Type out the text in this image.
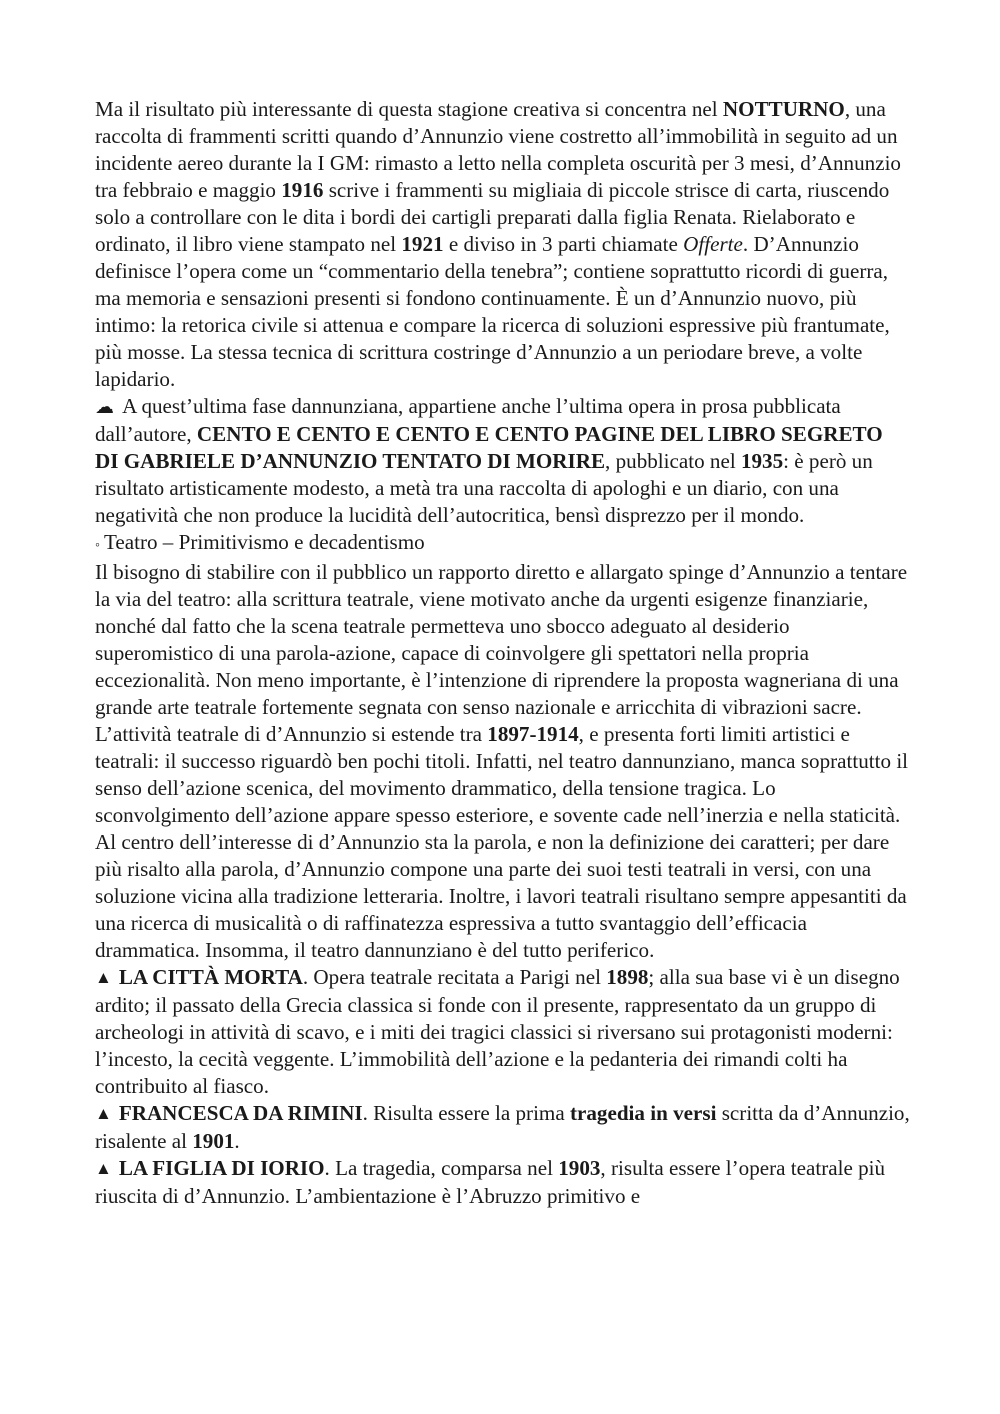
Ma il risultato più interessante di questa stagione creativa si concentra nel NOTTURNO, una raccolta di frammenti scritti quando d’Annunzio viene costretto all’immobilità in seguito ad un incidente aereo durante la I GM: rimasto a letto nella completa oscurità per 3 mesi, d’Annunzio tra febbraio e maggio 1916 scrive i frammenti su migliaia di piccole strisce di carta, riuscendo solo a controllare con le dita i bordi dei cartigli preparati dalla figlia Renata. Rielaborato e ordinato, il libro viene stampato nel 1921 e diviso in 3 parti chiamate Offerte. D’Annunzio definisce l’opera come un “commentario della tenebra”; contiene soprattutto ricordi di guerra, ma memoria e sensazioni presenti si fondono continuamente. È un d’Annunzio nuovo, più intimo: la retorica civile si attenua e compare la ricerca di soluzioni espressive più frantumate, più mosse. La stessa tecnica di scrittura costringe d’Annunzio a un periodare breve, a volte lapidario.

☁ A quest’ultima fase dannunziana, appartiene anche l’ultima opera in prosa pubblicata dall’autore, CENTO E CENTO E CENTO E CENTO PAGINE DEL LIBRO SEGRETO DI GABRIELE D’ANNUNZIO TENTATO DI MORIRE, pubblicato nel 1935: è però un risultato artisticamente modesto, a metà tra una raccolta di apologhi e un diario, con una negatività che non produce la lucidità dell’autocritica, bensì disprezzo per il mondo.

◦ Teatro – Primitivismo e decadentismo

Il bisogno di stabilire con il pubblico un rapporto diretto e allargato spinge d’Annunzio a tentare la via del teatro: alla scrittura teatrale, viene motivato anche da urgenti esigenze finanziarie, nonché dal fatto che la scena teatrale permetteva uno sbocco adeguato al desiderio superomistico di una parola-azione, capace di coinvolgere gli spettatori nella propria eccezionalità. Non meno importante, è l’intenzione di riprendere la proposta wagneriana di una grande arte teatrale fortemente segnata con senso nazionale e arricchita di vibrazioni sacre.

L’attività teatrale di d’Annunzio si estende tra 1897-1914, e presenta forti limiti artistici e teatrali: il successo riguardò ben pochi titoli. Infatti, nel teatro dannunziano, manca soprattutto il senso dell’azione scenica, del movimento drammatico, della tensione tragica. Lo sconvolgimento dell’azione appare spesso esteriore, e sovente cade nell’inerzia e nella staticità. Al centro dell’interesse di d’Annunzio sta la parola, e non la definizione dei caratteri; per dare più risalto alla parola, d’Annunzio compone una parte dei suoi testi teatrali in versi, con una soluzione vicina alla tradizione letteraria. Inoltre, i lavori teatrali risultano sempre appesantiti da una ricerca di musicalità o di raffinatezza espressiva a tutto svantaggio dell’efficacia drammatica. Insomma, il teatro dannunziano è del tutto periferico.

▲ LA CITTÀ MORTA. Opera teatrale recitata a Parigi nel 1898; alla sua base vi è un disegno ardito; il passato della Grecia classica si fonde con il presente, rappresentato da un gruppo di archeologi in attività di scavo, e i miti dei tragici classici si riversano sui protagonisti moderni: l’incesto, la cecità veggente. L’immobilità dell’azione e la pedanteria dei rimandi colti ha contribuito al fiasco.

▲ FRANCESCA DA RIMINI. Risulta essere la prima tragedia in versi scritta da d’Annunzio, risalente al 1901.

▲ LA FIGLIA DI IORIO. La tragedia, comparsa nel 1903, risulta essere l’opera teatrale più riuscita di d’Annunzio. L’ambientazione è l’Abruzzo primitivo e
